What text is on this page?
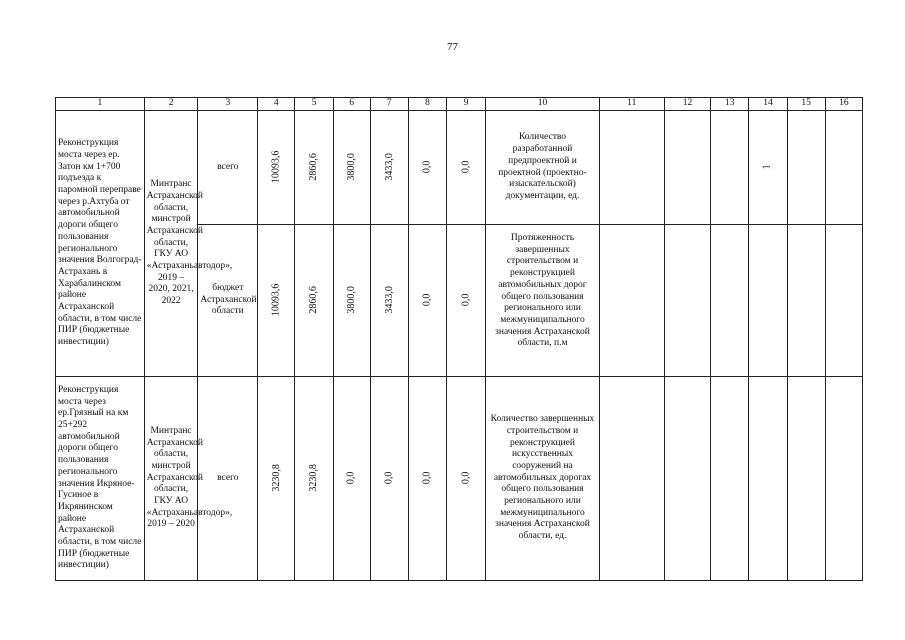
77
1	2	3	4	5	6	7	8	9	10	11	12	13	14	15	16
Реконструкция моста через ер. Затон км 1+700 подъезда к паромной переправе через р.Ахтуба от автомобильной дороги общего пользования регионального значения Волгоград-Астрахань в Харабалинском районе Астраханской области, в том числе ПИР (бюджетные инвестиции)	Минтранс Астраханской области, минстрой Астраханской области, ГКУ АО «Астраханьавтодор», 2019 – 2020, 2021, 2022	всего	10093,6	2860,6	3800,0	3433,0	0,0	0,0	Количество разработанной предпроектной и проектной (проектно-изыскательской) документации, ед.				1		
		бюджет Астраханской области	10093,6	2860,6	3800,0	3433,0	0,0	0,0	Протяженность завершенных строительством и реконструкцией автомобильных дорог общего пользования регионального или межмуниципального значения Астраханской области, п.м						
Реконструкция моста через ер.Грязный на км 25+292 автомобильной дороги общего пользования регионального значения Икряное-Гусиное в Икрянинском районе Астраханской области, в том числе ПИР (бюджетные инвестиции)	Минтранс Астраханской области, минстрой Астраханской области, ГКУ АО «Астраханьавтодор», 2019 – 2020	всего	3230,8	3230,8	0,0	0,0	0,0	0,0	Количество завершенных строительством и реконструкцией искусственных сооружений на автомобильных дорогах общего пользования регионального или межмуниципального значения Астраханской области, ед.						
